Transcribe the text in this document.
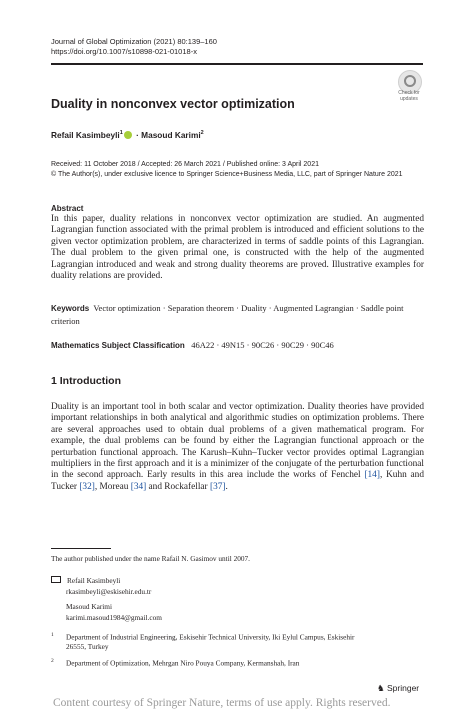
Journal of Global Optimization (2021) 80:139–160
https://doi.org/10.1007/s10898-021-01018-x
Check for
updates
Duality in nonconvex vector optimization
Refail Kasimbeyli$^1$ · Masoud Karimi$^2$
Received: 11 October 2018 / Accepted: 26 March 2021 / Published online: 3 April 2021
© The Author(s), under exclusive licence to Springer Science+Business Media, LLC, part of Springer Nature 2021
Abstract
In this paper, duality relations in nonconvex vector optimization are studied. An augmented Lagrangian function associated with the primal problem is introduced and efficient solutions to the given vector optimization problem, are characterized in terms of saddle points of this Lagrangian. The dual problem to the given primal one, is constructed with the help of the augmented Lagrangian introduced and weak and strong duality theorems are proved. Illustrative examples for duality relations are provided.
Keywords Vector optimization · Separation theorem · Duality · Augmented Lagrangian · Saddle point criterion
Mathematics Subject Classification 46A22 · 49N15 · 90C26 · 90C29 · 90C46
1 Introduction
Duality is an important tool in both scalar and vector optimization. Duality theories have provided important relationships in both analytical and algorithmic studies on optimization problems. There are several approaches used to obtain dual problems of a given mathematical program. For example, the dual problems can be found by either the Lagrangian functional approach or the perturbation functional approach. The Karush–Kuhn–Tucker vector provides optimal Lagrangian multipliers in the first approach and it is a minimizer of the conjugate of the perturbation functional in the second approach. Early results in this area include the works of Fenchel [14], Kuhn and Tucker [32], Moreau [34] and Rockafellar [37].
The author published under the name Rafail N. Gasimov until 2007.
Refail Kasimbeyli
rkasimbeyli@eskisehir.edu.tr
Masoud Karimi
karimi.masoud1984@gmail.com
$^1$ Department of Industrial Engineering, Eskisehir Technical University, Iki Eylul Campus, Eskisehir
26555, Turkey
$^2$ Department of Optimization, Mehrgan Niro Pouya Company, Kermanshah, Iran
♞ Springer
Content courtesy of Springer Nature, terms of use apply. Rights reserved.
